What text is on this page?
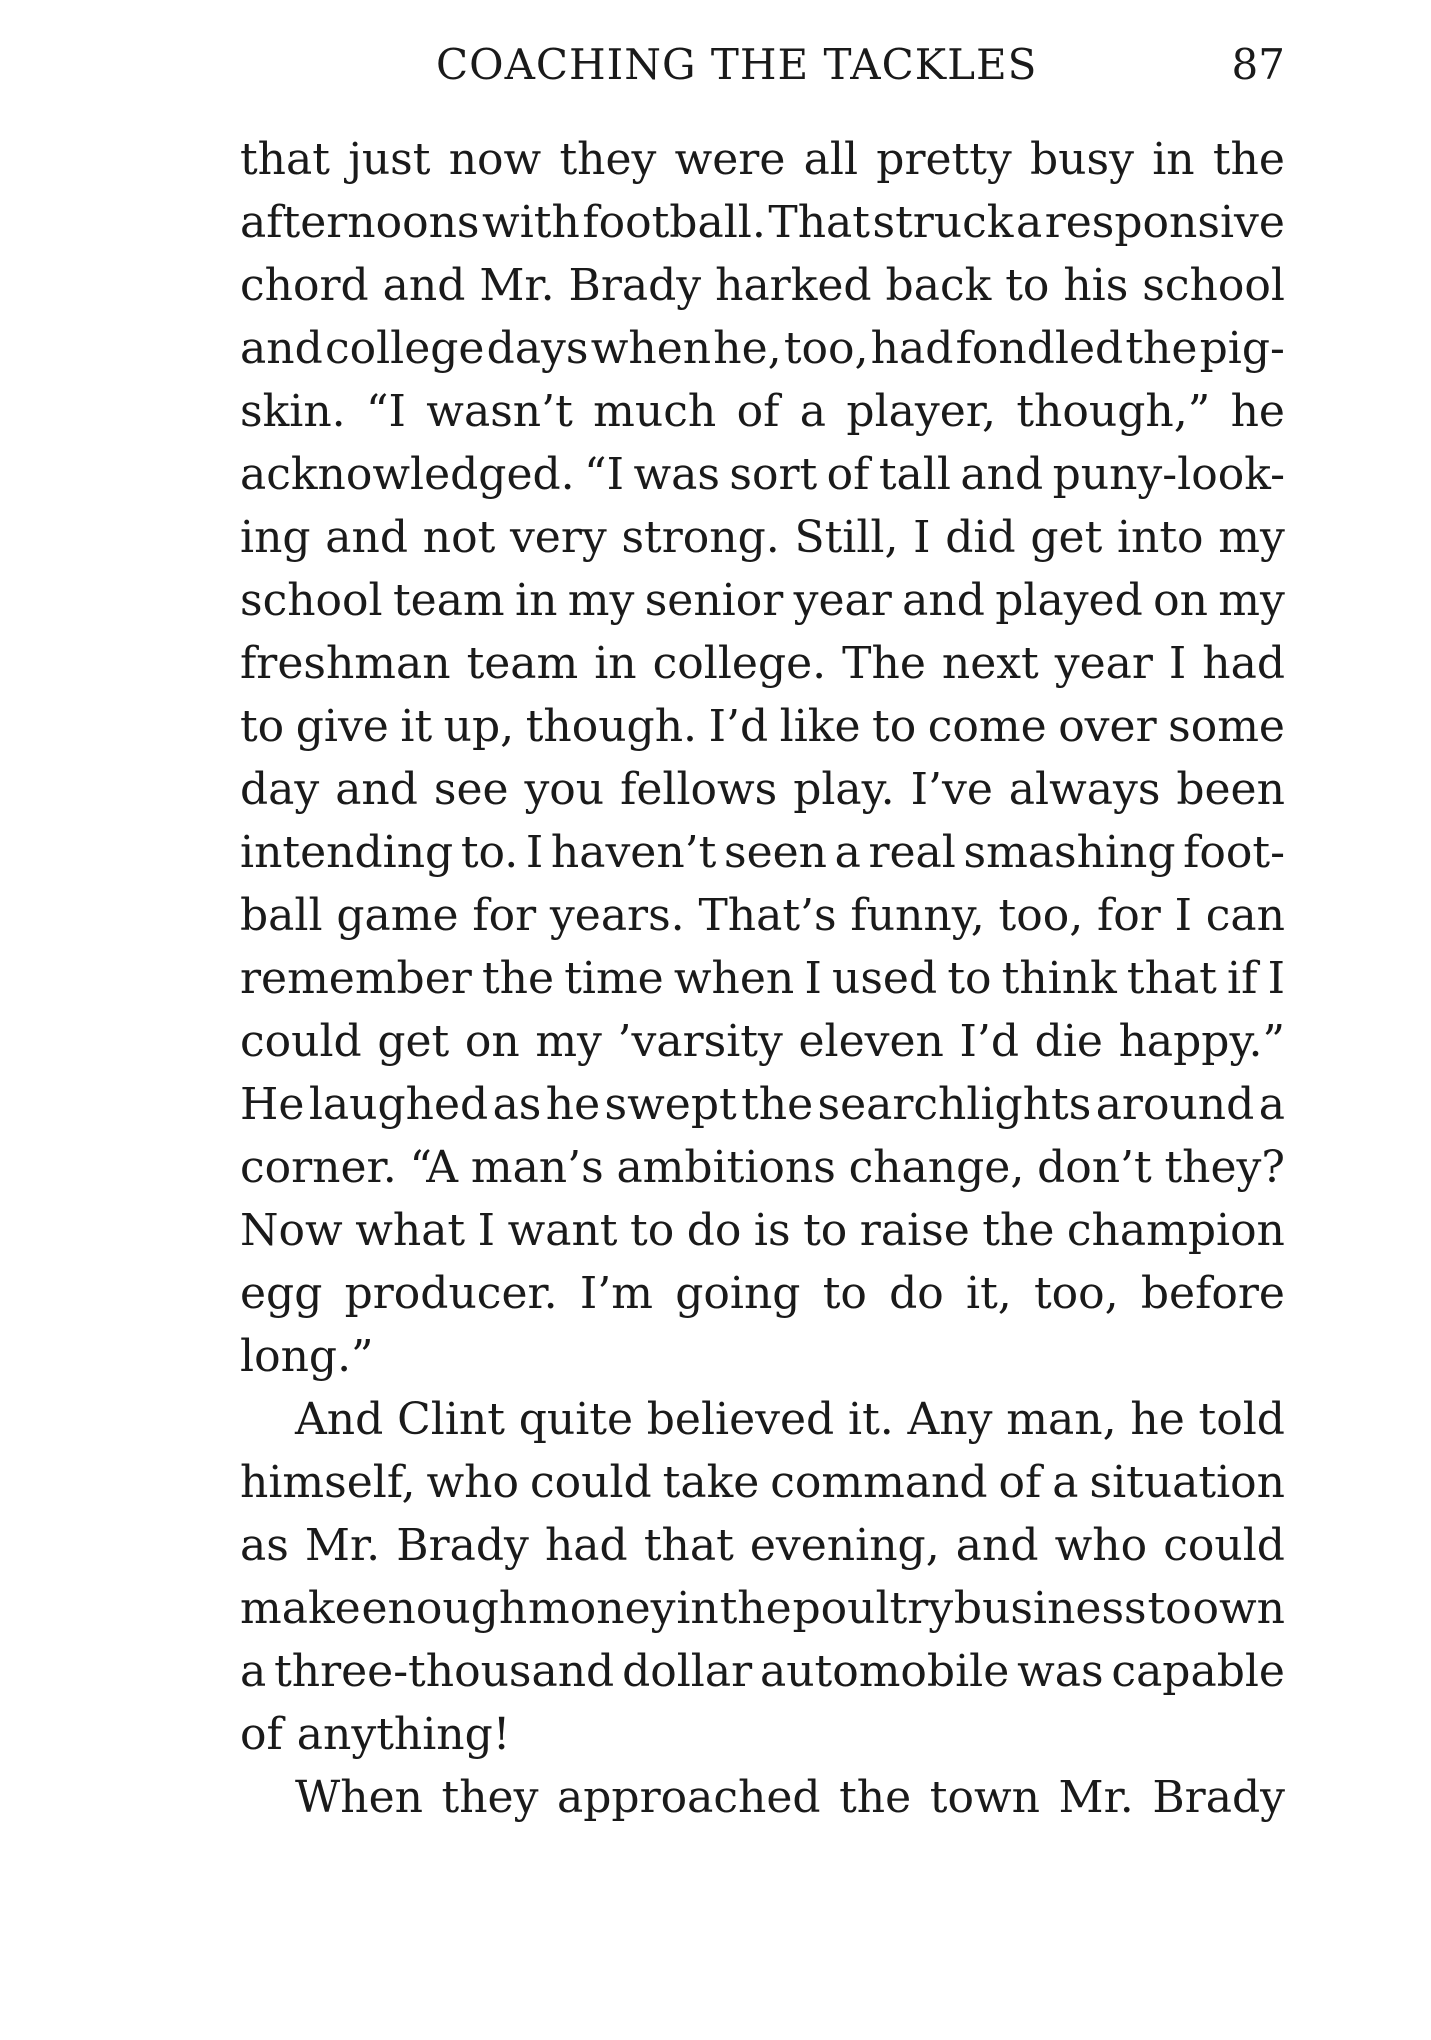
COACHING THE TACKLES	87
that just now they were all pretty busy in the
afternoons with football. That struck a responsive
chord and Mr. Brady harked back to his school
and college days when he, too, had fondled the pig-
skin. “I wasn’t much of a player, though,” he
acknowledged. “I was sort of tall and puny-look-
ing and not very strong. Still, I did get into my
school team in my senior year and played on my
freshman team in college. The next year I had
to give it up, though. I’d like to come over some
day and see you fellows play. I’ve always been
intending to. I haven’t seen a real smashing foot-
ball game for years. That’s funny, too, for I can
remember the time when I used to think that if I
could get on my ’varsity eleven I’d die happy.”
He laughed as he swept the searchlights around a
corner. “A man’s ambitions change, don’t they?
Now what I want to do is to raise the champion
egg producer. I’m going to do it, too, before
long.”
And Clint quite believed it. Any man, he told
himself, who could take command of a situation
as Mr. Brady had that evening, and who could
make enough money in the poultry business to own
a three-thousand dollar automobile was capable
of anything!
When they approached the town Mr. Brady
